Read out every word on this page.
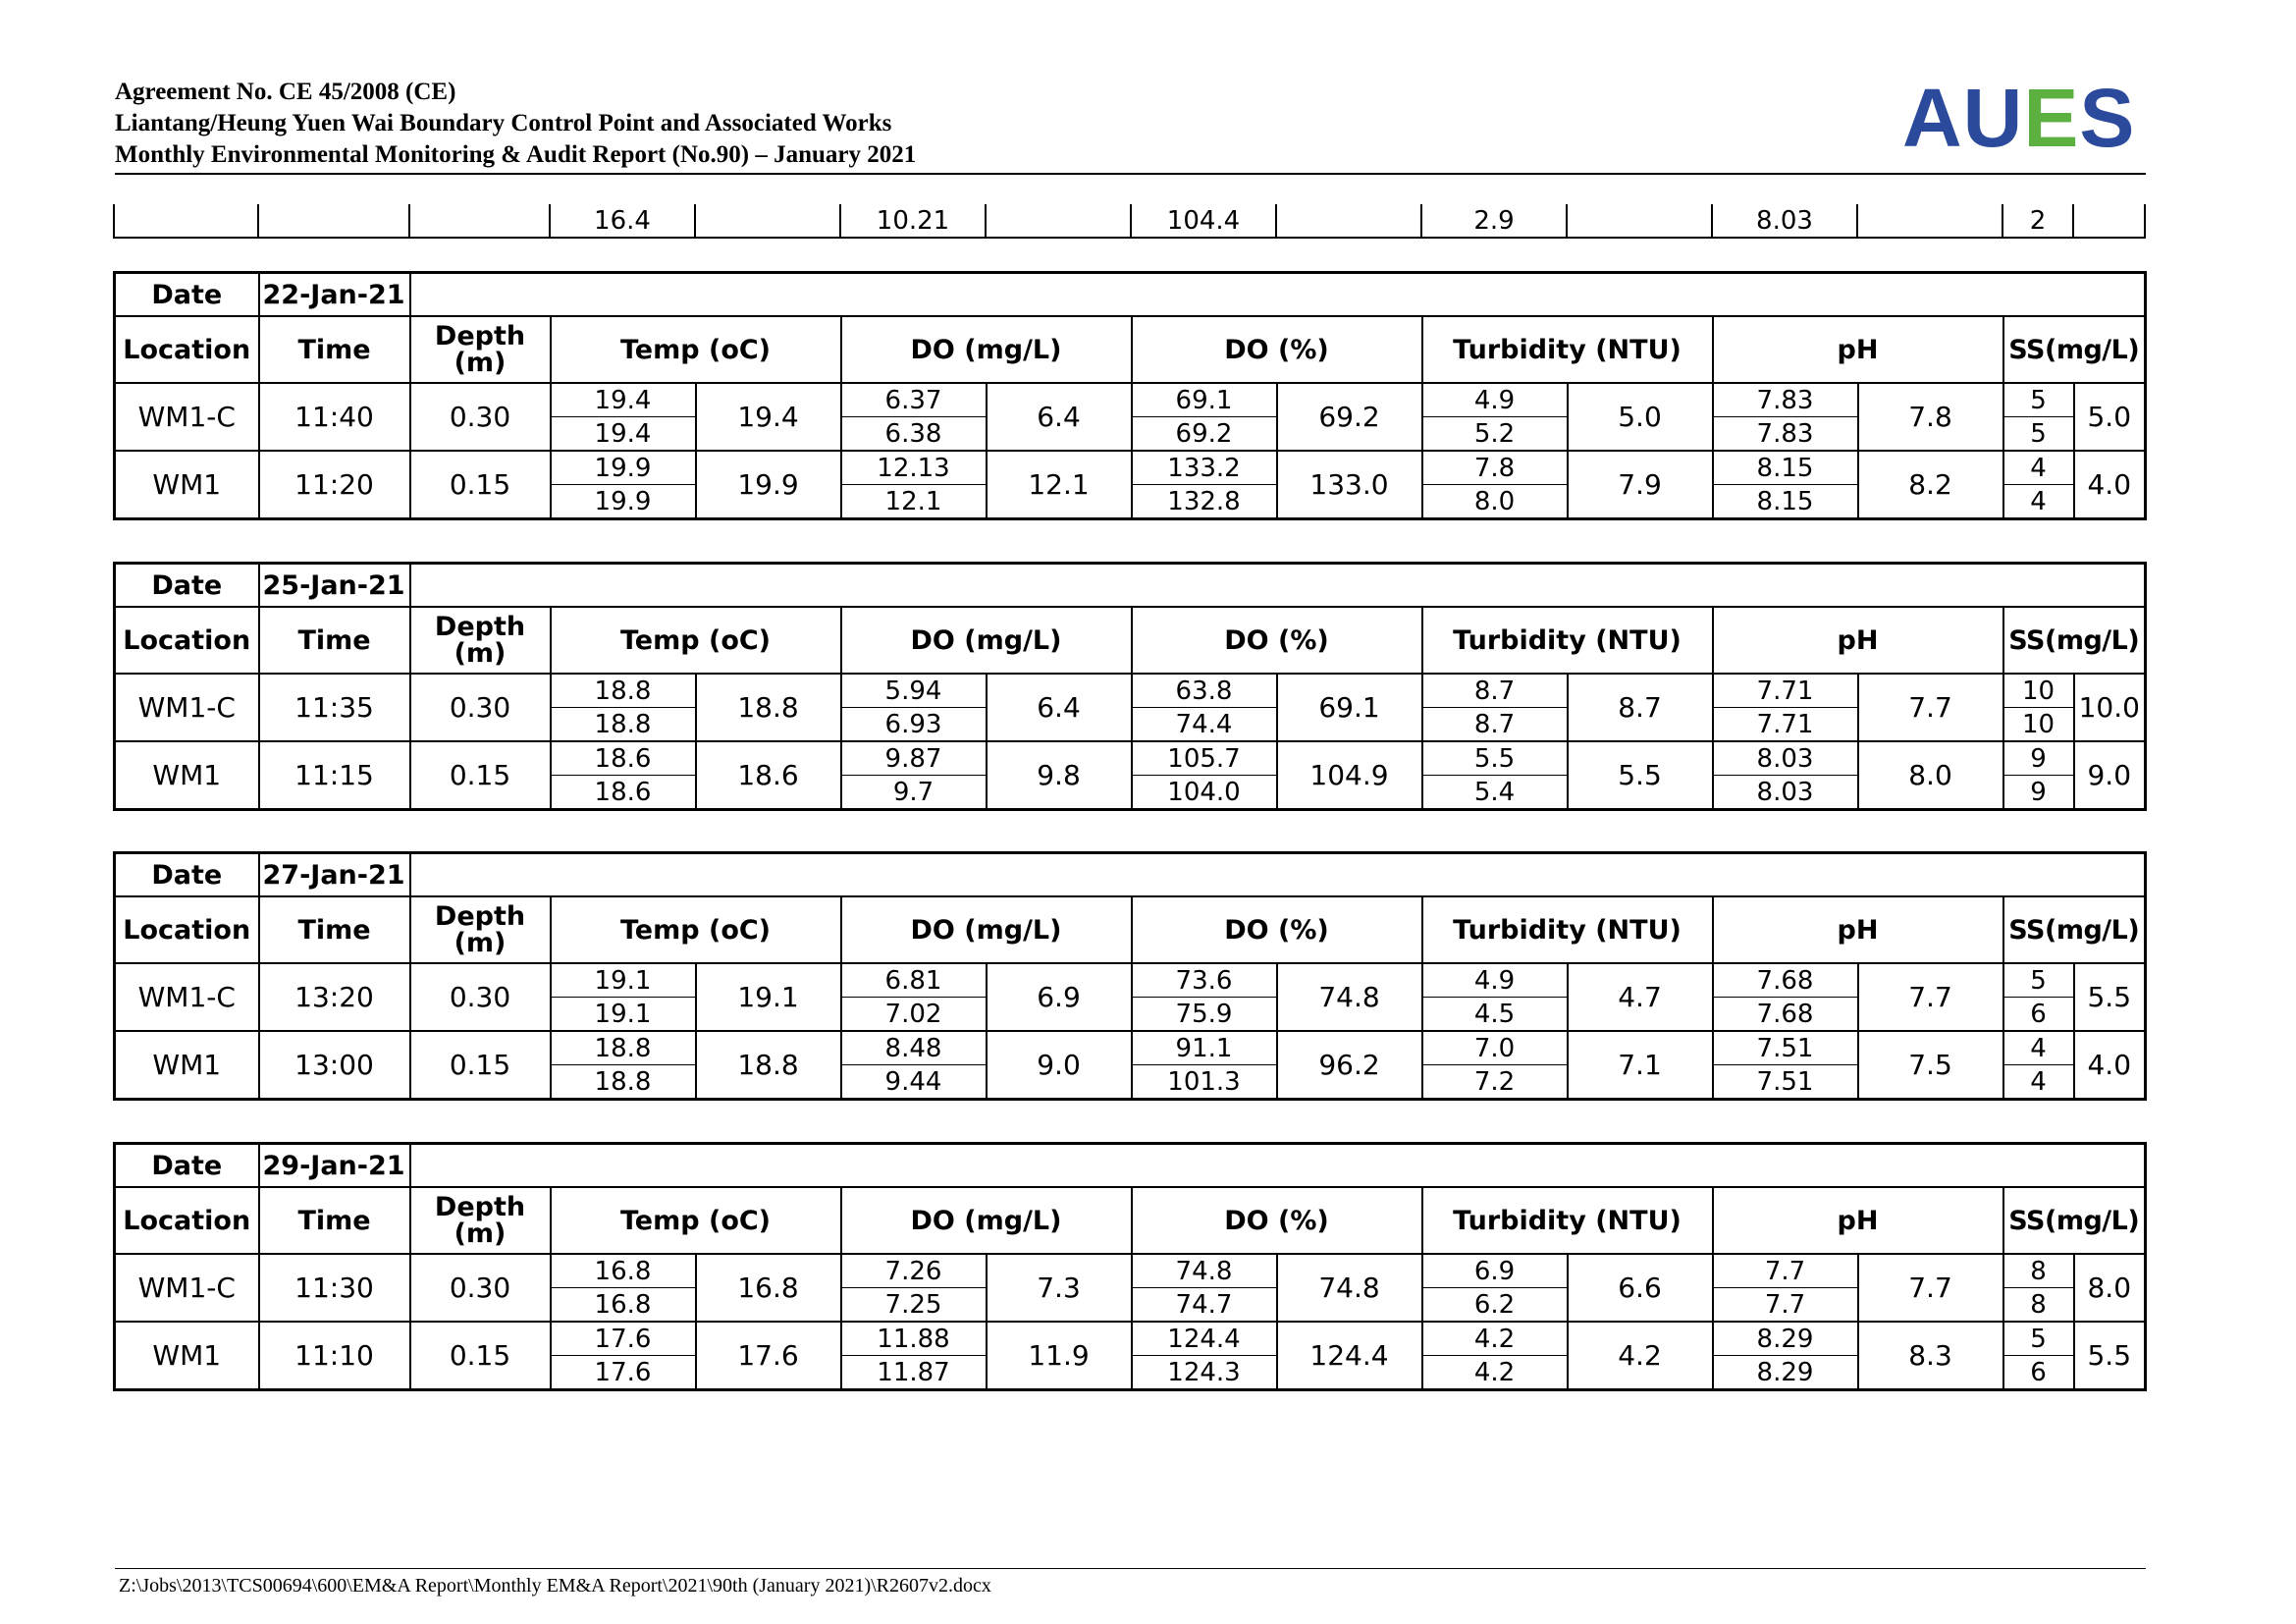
Agreement No. CE 45/2008 (CE)
Liantang/Heung Yuen Wai Boundary Control Point and Associated Works
Monthly Environmental Monitoring & Audit Report (No.90) – January 2021	AUES
			16.4		10.21		104.4		2.9		8.03		2	
Date	22-Jan-21													
Location	Time	Depth (m)	Temp (oC)		DO (mg/L)		DO (%)		Turbidity (NTU)		pH		SS(mg/L)	
WM1-C	11:40	0.30	19.4	19.4	6.37	6.4	69.1	69.2	4.9	5.0	7.83	7.8	5	5.0
			19.4		6.38		69.2		5.2		7.83		5	
WM1	11:20	0.15	19.9	19.9	12.13	12.1	133.2	133.0	7.8	7.9	8.15	8.2	4	4.0
			19.9		12.1		132.8		8.0		8.15		4	
Date	25-Jan-21													
Location	Time	Depth (m)	Temp (oC)		DO (mg/L)		DO (%)		Turbidity (NTU)		pH		SS(mg/L)	
WM1-C	11:35	0.30	18.8	18.8	5.94	6.4	63.8	69.1	8.7	8.7	7.71	7.7	10	10.0
			18.8		6.93		74.4		8.7		7.71		10	
WM1	11:15	0.15	18.6	18.6	9.87	9.8	105.7	104.9	5.5	5.5	8.03	8.0	9	9.0
			18.6		9.7		104.0		5.4		8.03		9	
Date	27-Jan-21													
Location	Time	Depth (m)	Temp (oC)		DO (mg/L)		DO (%)		Turbidity (NTU)		pH		SS(mg/L)	
WM1-C	13:20	0.30	19.1	19.1	6.81	6.9	73.6	74.8	4.9	4.7	7.68	7.7	5	5.5
			19.1		7.02		75.9		4.5		7.68		6	
WM1	13:00	0.15	18.8	18.8	8.48	9.0	91.1	96.2	7.0	7.1	7.51	7.5	4	4.0
			18.8		9.44		101.3		7.2		7.51		4	
Date	29-Jan-21													
Location	Time	Depth (m)	Temp (oC)		DO (mg/L)		DO (%)		Turbidity (NTU)		pH		SS(mg/L)	
WM1-C	11:30	0.30	16.8	16.8	7.26	7.3	74.8	74.8	6.9	6.6	7.7	7.7	8	8.0
			16.8		7.25		74.7		6.2		7.7		8	
WM1	11:10	0.15	17.6	17.6	11.88	11.9	124.4	124.4	4.2	4.2	8.29	8.3	5	5.5
			17.6		11.87		124.3		4.2		8.29		6	
Z:\Jobs\2013\TCS00694\600\EM&A Report\Monthly EM&A Report\2021\90th (January 2021)\R2607v2.docx
